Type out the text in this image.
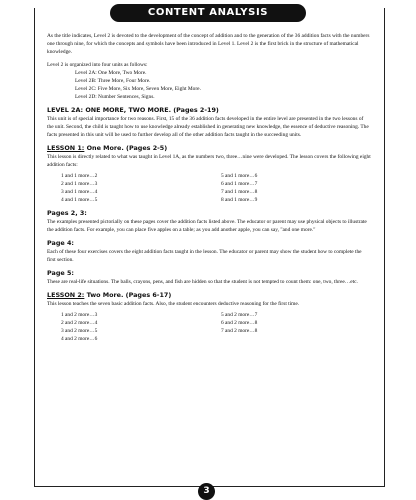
CONTENT ANALYSIS

As the title indicates, Level 2 is devoted to the development of the concept of addition and to the generation of the 36 addition facts with the numbers one through nine, for which the concepts and symbols have been introduced in Level 1. Level 2 is the first brick in the structure of mathematical knowledge.

Level 2 is organized into four units as follows:

Level 2A: One More, Two More.

Level 2B: Three More, Four More.

Level 2C: Five More, Six More, Seven More, Eight More.

Level 2D: Number Sentences, Signs.

LEVEL 2A: ONE MORE, TWO MORE. (Pages 2-19)

This unit is of special importance for two reasons. First, 15 of the 36 addition facts developed in the entire level are presented in the two lessons of the unit. Second, the child is taught how to use knowledge already established in generating new knowledge, the essence of deductive reasoning. The facts presented in this unit will be used to further develop all of the other addition facts taught in the succeeding units.

LESSON 1: One More. (Pages 2-5)

This lesson is directly related to what was taught in Level 1A, as the numbers two, three…nine were developed. The lesson covers the following eight addition facts:

1 and 1 more…2

2 and 1 more…3

3 and 1 more…4

4 and 1 more…5

5 and 1 more…6

6 and 1 more…7

7 and 1 more…8

8 and 1 more…9

Pages 2, 3:

The examples presented pictorially on these pages cover the addition facts listed above. The educator or parent may use physical objects to illustrate the addition facts. For example, you can place five apples on a table; as you add another apple, you can say, "and one more."

Page 4:

Each of these four exercises covers the eight addition facts taught in the lesson. The educator or parent may show the student how to complete the first section.

Page 5:

These are real-life situations. The balls, crayons, pens, and fish are hidden so that the student is not tempted to count them: one, two, three…etc.

LESSON 2: Two More. (Pages 6-17)

This lesson teaches the seven basic addition facts. Also, the student encounters deductive reasoning for the first time.

1 and 2 more…3

2 and 2 more…4

3 and 2 more…5

4 and 2 more…6

5 and 2 more…7

6 and 2 more…8

7 and 2 more…8

3
